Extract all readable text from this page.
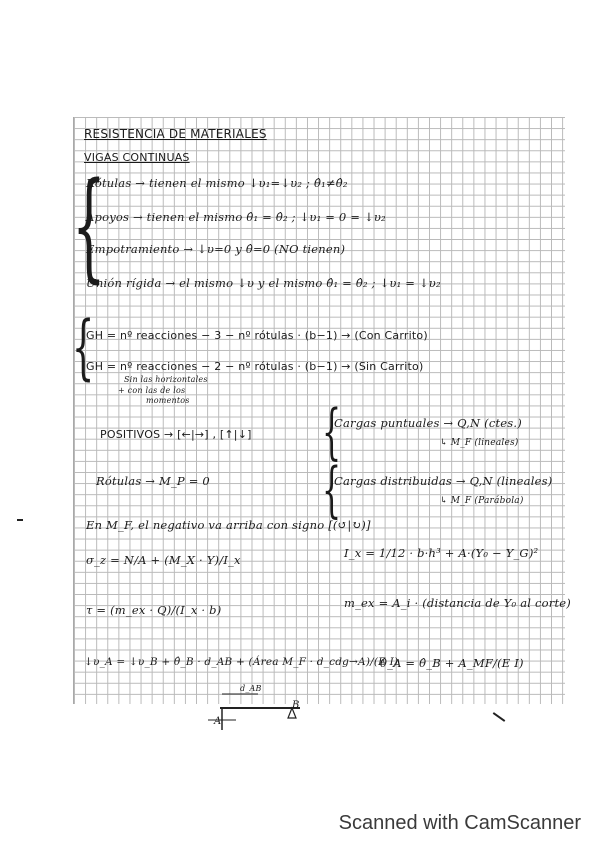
RESISTENCIA DE MATERIALES
VIGAS CONTINUAS
{
Rótulas → tienen el mismo ↓υ₁=↓υ₂ ; θ̂₁≠θ̂₂
Apoyos → tienen el mismo θ̂₁ = θ̂₂ ; ↓υ₁ = 0 = ↓υ₂
Empotramiento → ↓υ=0 y θ̂=0 (NO tienen)
Unión rígida → el mismo ↓υ y el mismo θ̂₁ = θ̂₂ ; ↓υ₁ = ↓υ₂
{
GH = nº reacciones − 3 − nº rótulas · (b−1) → (Con Carrito)
GH = nº reacciones − 2 − nº rótulas · (b−1) → (Sin Carrito)
Sin las horizontales
+ con las de los
momentos
POSITIVOS → [←|→] , [↑|↓] {
Cargas puntuales → Q,N (ctes.)
↳ M_F (lineales)
Rótulas → M_P = 0 {
Cargas distribuidas → Q,N (lineales)
↳ M_F (Parábola)
En M_F, el negativo va arriba con signo [(↺|↻)]
σ_z = N/A + (M_X · Y)/I_x	I_x = 1/12 · b·h³ + A·(Y₀ − Y_G)²
τ = (m_ex · Q)/(I_x · b)	m_ex = A_i · (distancia de Y₀ al corte)
↓υ_A = ↓υ_B + θ̂_B · d_AB + (Área M_F · d_cdg→A)/(E I)
θ̂_A = θ̂_B + A_MF/(E I)
d_AB
A
B
Scanned with CamScanner
